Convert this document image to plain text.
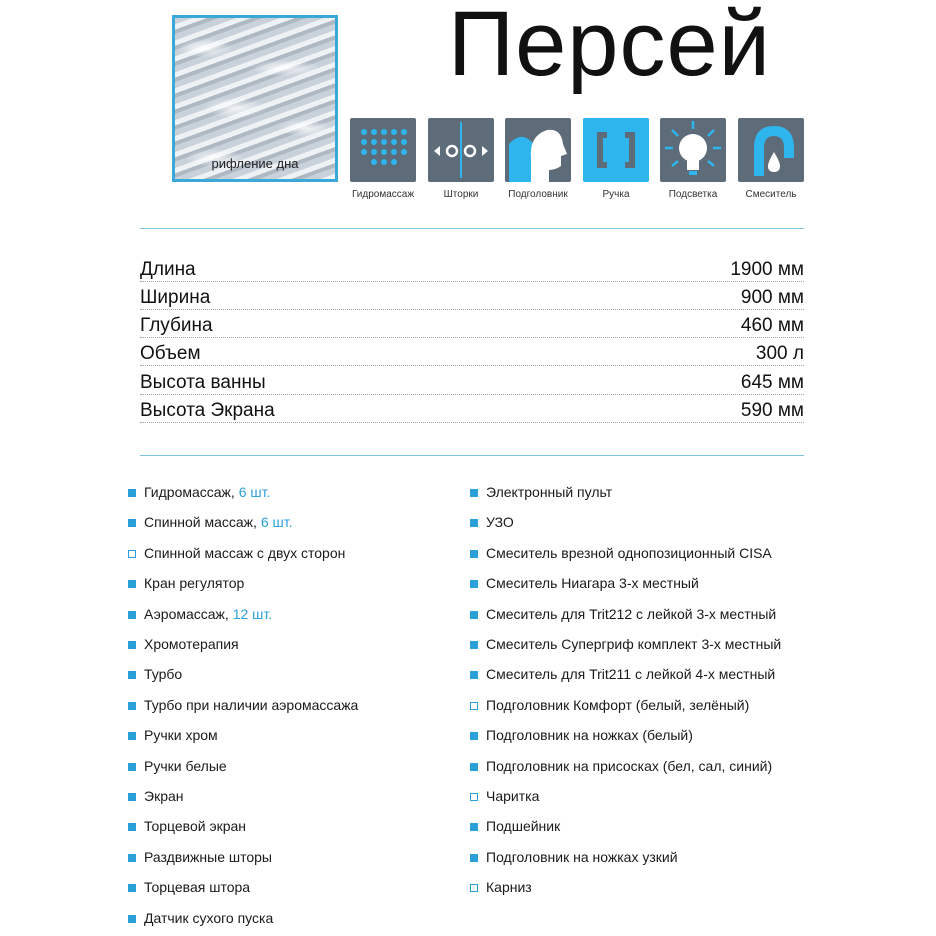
рифление дна
Персей
Гидромассаж	Шторки	Подголовник	Ручка	Подсветка	Смеситель
Длина	1900 мм
Ширина	900 мм
Глубина	460 мм
Объем	300 л
Высота ванны	645 мм
Высота Экрана	590 мм
Гидромассаж, 6 шт.
Спинной массаж, 6 шт.
Спинной массаж с двух сторон
Кран регулятор
Аэромассаж, 12 шт.
Хромотерапия
Турбо
Турбо при наличии аэромассажа
Ручки хром
Ручки белые
Экран
Торцевой экран
Раздвижные шторы
Торцевая штора
Датчик сухого пуска
Электронный пульт
УЗО
Смеситель врезной однопозиционный CISA
Смеситель Ниагара 3-х местный
Смеситель для Trit212 с лейкой 3-х местный
Смеситель Супергриф комплект 3-х местный
Смеситель для Trit211 с лейкой 4-х местный
Подголовник Комфорт (белый, зелёный)
Подголовник на ножках (белый)
Подголовник на присосках (бел, сал, синий)
Чаритка
Подшейник
Подголовник на ножках узкий
Карниз
